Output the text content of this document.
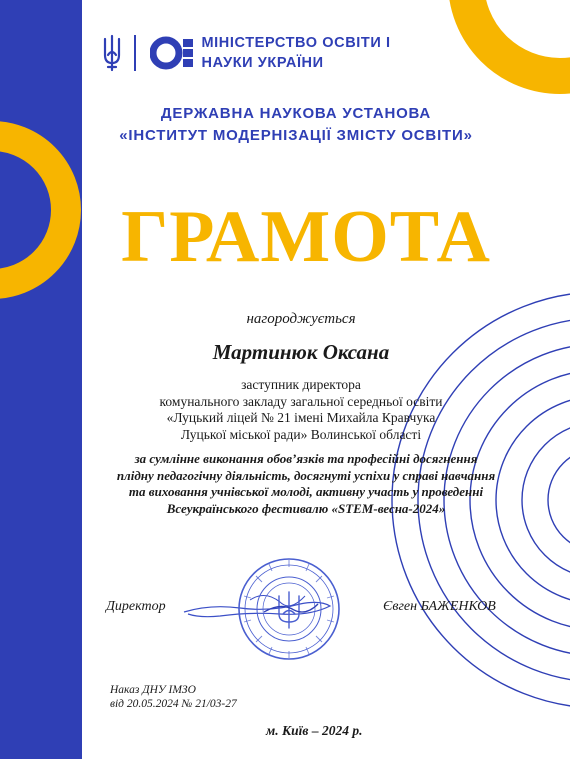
МІНІСТЕРСТВО ОСВІТИ І
НАУКИ УКРАЇНИ
ДЕРЖАВНА НАУКОВА УСТАНОВА
«ІНСТИТУТ МОДЕРНІЗАЦІЇ ЗМІСТУ ОСВІТИ»
ГРАМОТА
нагороджується
Мартинюк Оксана
заступник директора
комунального закладу загальної середньої освіти
«Луцький ліцей № 21 імені Михайла Кравчука
Луцької міської ради» Волинської області
за сумлінне виконання обов’язків та професійні досягнення
плідну педагогічну діяльність, досягнуті успіхи у справі навчання
та виховання учнівської молоді, активну участь у проведенні
Всеукраїнського фестивалю «STEM-весна-2024»
Директор	Євген БАЖЕНКОВ
Наказ ДНУ ІМЗО
від 20.05.2024 № 21/03-27
м. Київ – 2024 р.
